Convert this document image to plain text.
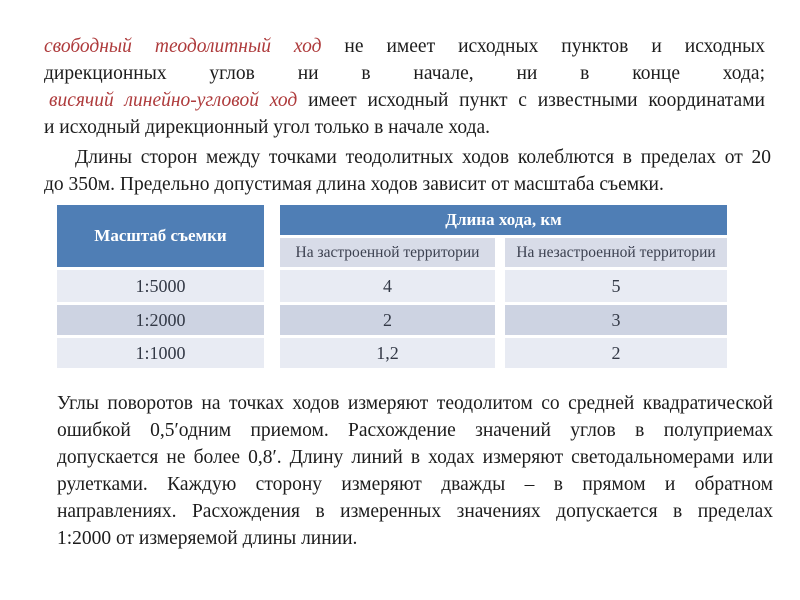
свободный теодолитный ход не имеет исходных пунктов и исходных
дирекционных углов ни в начале, ни в конце хода;
висячий линейно-угловой ход имеет исходный пункт с известными координатами
и исходный дирекционный угол только в начале хода.
Длины сторон между точками теодолитных ходов колеблются в пределах от 20
до 350м. Предельно допустимая длина ходов зависит от масштаба съемки.
Масштаб съемки
Длина хода, км
На застроенной территории	На незастроенной территории
1:5000	4	5
1:2000	2	3
1:1000	1,2	2
Углы поворотов на точках ходов измеряют теодолитом со средней квадратической
ошибкой 0,5′одним приемом. Расхождение значений углов в полуприемах
допускается не более 0,8′. Длину линий в ходах измеряют светодальномерами или
рулетками. Каждую сторону измеряют дважды – в прямом и обратном
направлениях. Расхождения в измеренных значениях допускается в пределах
1:2000 от измеряемой длины линии.
